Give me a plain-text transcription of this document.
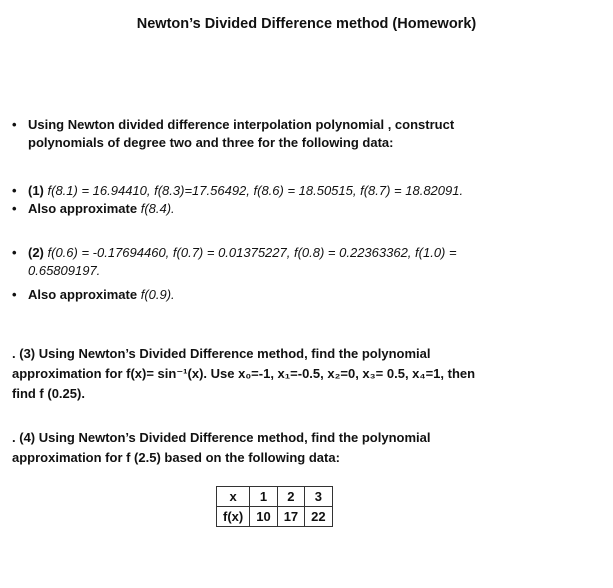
Newton’s Divided Difference method (Homework)
• Using Newton divided difference interpolation polynomial , construct
polynomials of degree two and three for the following data:
• (1) f(8.1) = 16.94410, f(8.3)=17.56492, f(8.6) = 18.50515, f(8.7) = 18.82091.
• Also approximate f(8.4).
• (2) f(0.6) = -0.17694460, f(0.7) = 0.01375227, f(0.8) = 0.22363362, f(1.0) =
0.65809197.
• Also approximate f(0.9).
. (3) Using Newton’s Divided Difference method, find the polynomial
approximation for f(x)= sin⁻¹(x). Use x₀=-1, x₁=-0.5, x₂=0, x₃= 0.5, x₄=1, then
find f (0.25).
. (4) Using Newton’s Divided Difference method, find the polynomial
approximation for f (2.5) based on the following data:
x	1	2	3
f(x)	10	17	22
